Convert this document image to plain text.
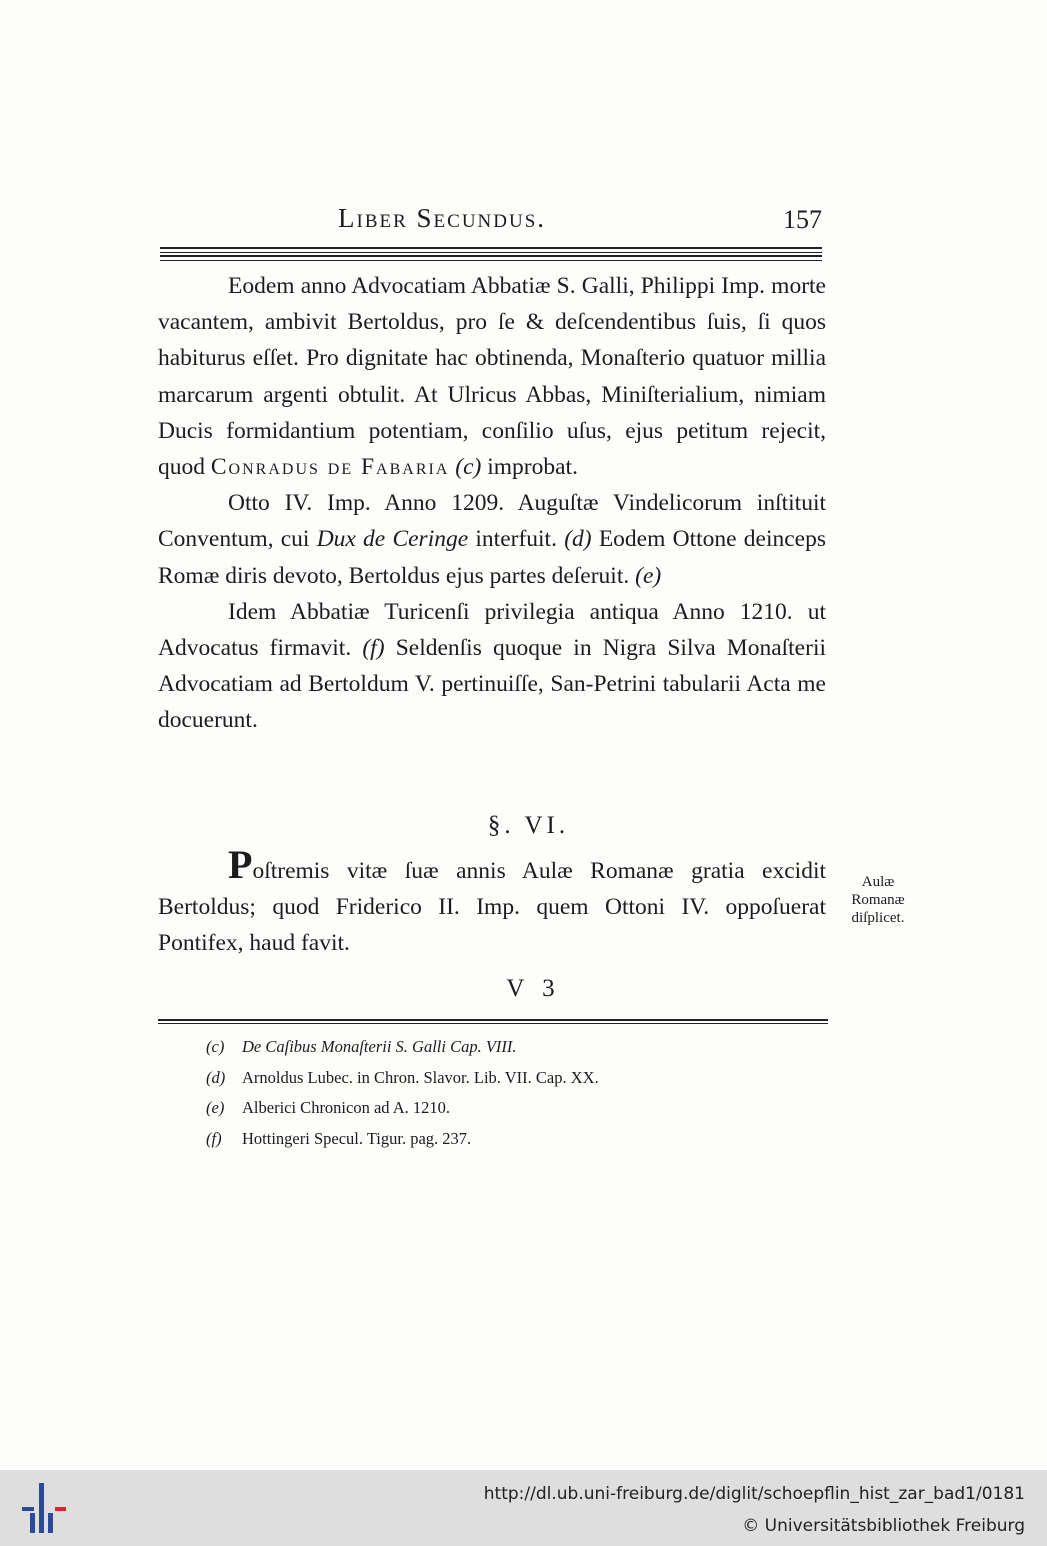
Liber Secundus.	157

Eodem anno Advocatiam Abbatiæ S. Galli, Philippi Imp. morte vacantem, ambivit Bertoldus, pro ſe & deſcendentibus ſuis, ſi quos habiturus eſſet. Pro dignitate hac obtinenda, Monaſterio quatuor millia marcarum argenti obtulit. At Ulricus Abbas, Miniſterialium, nimiam Ducis formidantium potentiam, conſilio uſus, ejus petitum rejecit, quod Conradus de Fabaria (c) improbat.

Otto IV. Imp. Anno 1209. Auguſtæ Vindelicorum inſtituit Conventum, cui Dux de Ceringe interfuit. (d) Eodem Ottone deinceps Romæ diris devoto, Bertoldus ejus partes deſeruit. (e)

Idem Abbatiæ Turicenſi privilegia antiqua Anno 1210. ut Advocatus firmavit. (f) Seldenſis quoque in Nigra Silva Monaſterii Advocatiam ad Bertoldum V. pertinuiſſe, San-Petrini tabularii Acta me docuerunt.

§. VI.

Poſtremis vitæ ſuæ annis Aulæ Romanæ gratia excidit Bertoldus; quod Friderico II. Imp. quem Ottoni IV. oppoſuerat Pontifex, haud favit.

Aulæ
Romanæ
diſplicet.
V 3
(c) De Caſibus Monaſterii S. Galli Cap. VIII.
(d) Arnoldus Lubec. in Chron. Slavor. Lib. VII. Cap. XX.
(e) Alberici Chronicon ad A. 1210.
(f) Hottingeri Specul. Tigur. pag. 237.
http://dl.ub.uni-freiburg.de/diglit/schoepflin_hist_zar_bad1/0181
© Universitätsbibliothek Freiburg
